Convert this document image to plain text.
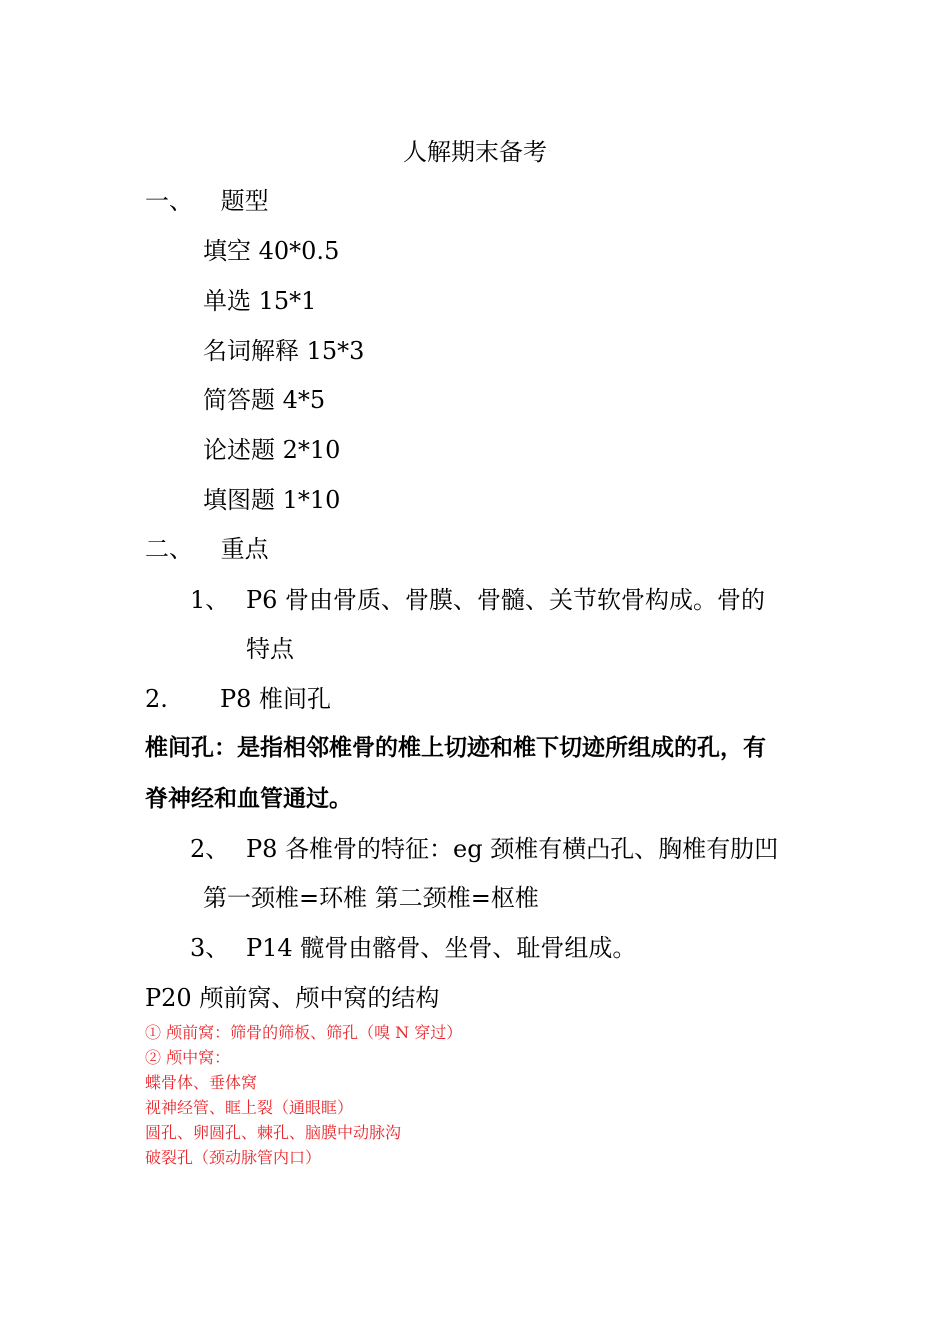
人解期末备考
一、 题型
填空 40*0.5
单选 15*1
名词解释 15*3
简答题 4*5
论述题 2*10
填图题 1*10
二、 重点
1、 P6 骨由骨质、骨膜、骨髓、关节软骨构成。骨的
特点
2. P8 椎间孔
椎间孔：是指相邻椎骨的椎上切迹和椎下切迹所组成的孔，有
脊神经和血管通过。
2、 P8 各椎骨的特征：eg 颈椎有横凸孔、胸椎有肋凹
第一颈椎=环椎 第二颈椎=枢椎
3、 P14 髋骨由髂骨、坐骨、耻骨组成。
P20 颅前窝、颅中窝的结构
① 颅前窝：筛骨的筛板、筛孔（嗅 N 穿过）
② 颅中窝：
蝶骨体、垂体窝
视神经管、眶上裂（通眼眶）
圆孔、卵圆孔、棘孔、脑膜中动脉沟
破裂孔（颈动脉管内口）
